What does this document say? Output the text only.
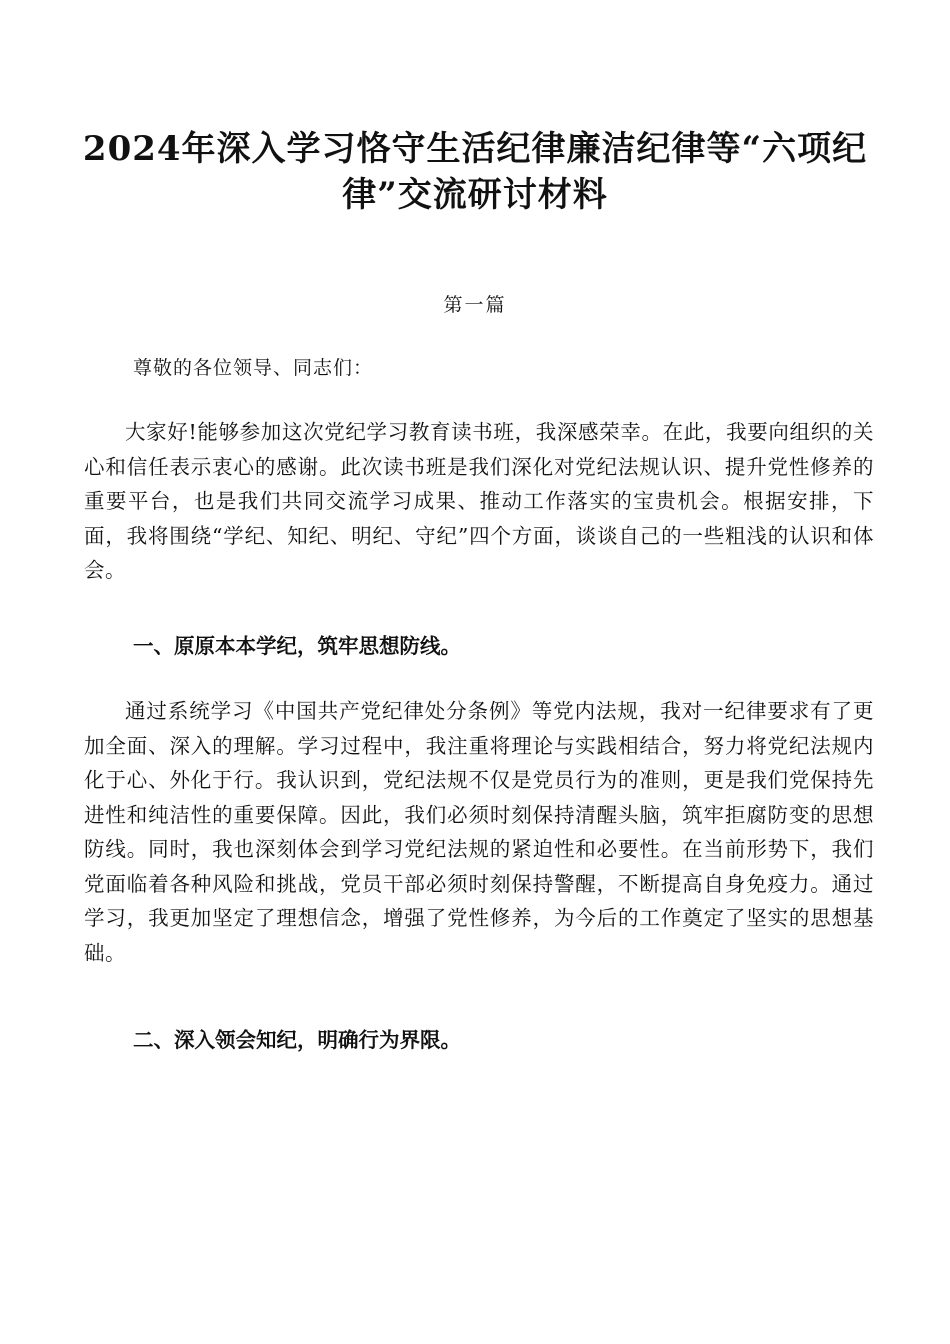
2024年深入学习恪守生活纪律廉洁纪律等“六项纪律”交流研讨材料
第一篇
尊敬的各位领导、同志们：

大家好!能够参加这次党纪学习教育读书班，我深感荣幸。在此，我要向组织的关心和信任表示衷心的感谢。此次读书班是我们深化对党纪法规认识、提升党性修养的重要平台，也是我们共同交流学习成果、推动工作落实的宝贵机会。根据安排，下面，我将围绕“学纪、知纪、明纪、守纪”四个方面，谈谈自己的一些粗浅的认识和体会。

一、原原本本学纪，筑牢思想防线。

通过系统学习《中国共产党纪律处分条例》等党内法规，我对一纪律要求有了更加全面、深入的理解。学习过程中，我注重将理论与实践相结合，努力将党纪法规内化于心、外化于行。我认识到，党纪法规不仅是党员行为的准则，更是我们党保持先进性和纯洁性的重要保障。因此，我们必须时刻保持清醒头脑，筑牢拒腐防变的思想防线。同时，我也深刻体会到学习党纪法规的紧迫性和必要性。在当前形势下，我们党面临着各种风险和挑战，党员干部必须时刻保持警醒，不断提高自身免疫力。通过学习，我更加坚定了理想信念，增强了党性修养，为今后的工作奠定了坚实的思想基础。

二、深入领会知纪，明确行为界限。
